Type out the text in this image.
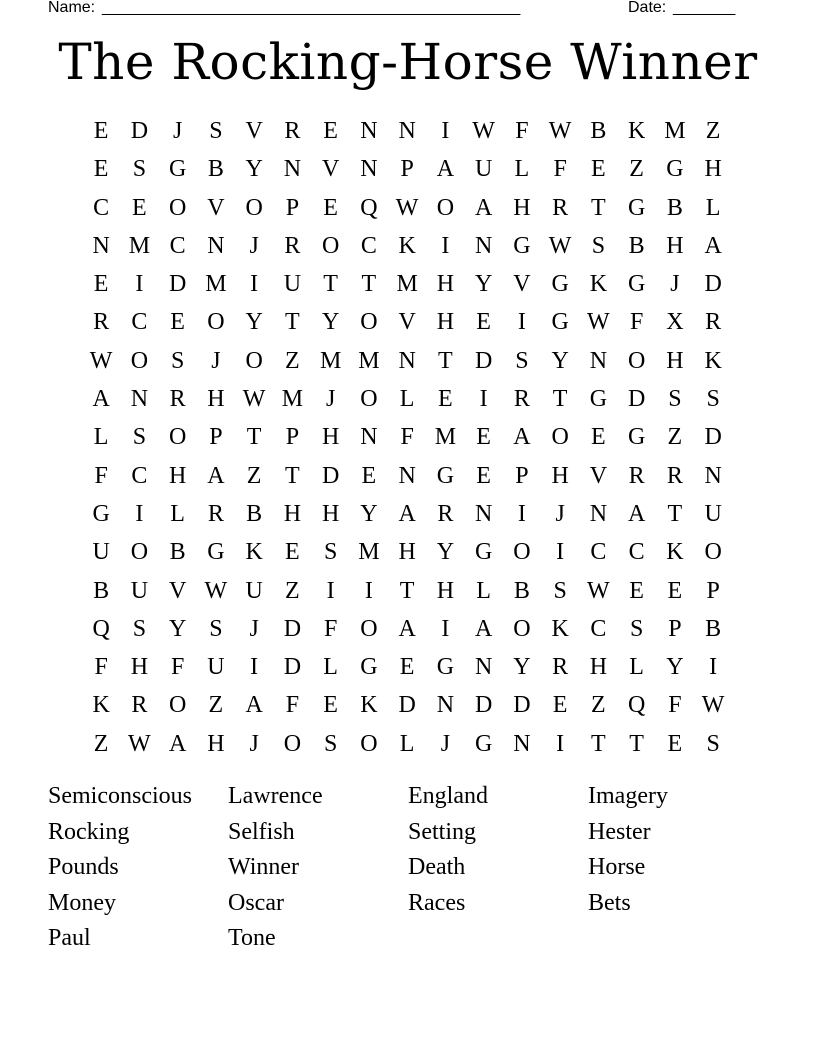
Name: _______________________________________________	Date: _______
The Rocking-Horse Winner
E D	J	S V R E N N	I W F W B K M Z
E	S G B Y N V N P A U L	F	E Z G H
C E O V O P	E Q W O A H R T G B L
N M C N	J	R O C K	I	N G W S B H A
E	I	D M I	U T T M H Y V G K G	J	D
R C E O Y T Y O V H E	I	G W F X R
W O S	J	O Z M M N T D S Y N O H K
A N R H W M J	O L E	I	R T G D S	S
L	S O P	T	P H N F M E A O E G Z D
F C H A Z T D E N G E	P H V R R N
G	I	L R B H H Y A R N	I	J	N A T U
U O B G K E	S M H Y G O	I	C C K O
B U V W U Z	I	I	T H L B S W E E	P
Q S Y S	J	D F O A	I	A O K C S	P B
F H F U	I	D L G E G N Y R H L Y	I
K R O Z A F	E K D N D D E Z Q F W
Z W A H	J	O S O L	J	G N	I	T T E	S
Semiconscious	Lawrence	England	Imagery
Rocking	Selfish	Setting	Hester
Pounds	Winner	Death	Horse
Money	Oscar	Races	Bets
Paul	Tone
